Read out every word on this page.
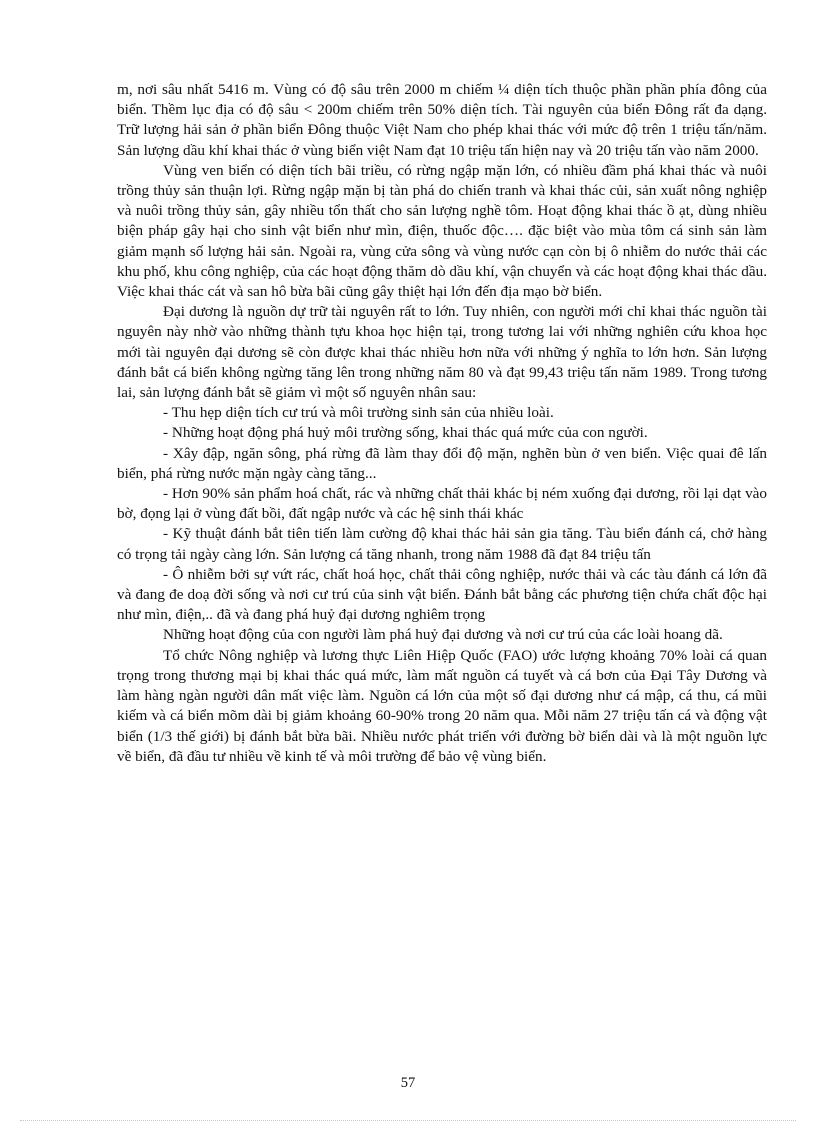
m, nơi sâu nhất 5416 m. Vùng có độ sâu trên 2000 m chiếm ¼ diện tích thuộc phần phần phía đông của biển. Thềm lục địa có độ sâu < 200m chiếm trên 50% diện tích. Tài nguyên của biển Đông rất đa dạng. Trữ lượng hải sản ở phần biển Đông thuộc Việt Nam cho phép khai thác với mức độ trên 1 triệu tấn/năm. Sản lượng dầu khí khai thác ở vùng biển việt Nam đạt 10 triệu tấn hiện nay và 20 triệu tấn vào năm 2000.

Vùng ven biển có diện tích bãi triều, có rừng ngập mặn lớn, có nhiều đầm phá khai thác và nuôi trồng thủy sản thuận lợi. Rừng ngập mặn bị tàn phá do chiến tranh và khai thác củi, sản xuất nông nghiệp và nuôi trồng thủy sản, gây nhiều tổn thất cho sản lượng nghề tôm. Hoạt động khai thác ồ ạt, dùng nhiều biện pháp gây hại cho sinh vật biển như mìn, điện, thuốc độc…. đặc biệt vào mùa tôm cá sinh sản làm giảm mạnh số lượng hải sản. Ngoài ra, vùng cửa sông và vùng nước cạn còn bị ô nhiễm do nước thải các khu phố, khu công nghiệp, của các hoạt động thăm dò dầu khí, vận chuyển và các hoạt động khai thác dầu. Việc khai thác cát và san hô bừa bãi cũng gây thiệt hại lớn đến địa mạo bờ biển.

Đại dương là nguồn dự trữ tài nguyên rất to lớn. Tuy nhiên, con người mới chỉ khai thác nguồn tài nguyên này nhờ vào những thành tựu khoa học hiện tại, trong tương lai với những nghiên cứu khoa học mới tài nguyên đại dương sẽ còn được khai thác nhiều hơn nữa với những ý nghĩa to lớn hơn. Sản lượng đánh bắt cá biển không ngừng tăng lên trong những năm 80 và đạt 99,43 triệu tấn năm 1989. Trong tương lai, sản lượng đánh bắt sẽ giảm vì một số nguyên nhân sau:

- Thu hẹp diện tích cư trú và môi trường sinh sản của nhiều loài.

- Những hoạt động phá huỷ môi trường sống, khai thác quá mức của con người.

- Xây đập, ngăn sông, phá rừng đã làm thay đổi độ mặn, nghẽn bùn ở ven biển. Việc quai đê lấn biển, phá rừng nước mặn ngày càng tăng...

- Hơn 90% sản phẩm hoá chất, rác và những chất thải khác bị ném xuống đại dương, rồi lại dạt vào bờ, đọng lại ở vùng đất bồi, đất ngập nước và các hệ sinh thái khác

- Kỹ thuật đánh bắt tiên tiến làm cường độ khai thác hải sản gia tăng. Tàu biển đánh cá, chở hàng có trọng tải ngày càng lớn. Sản lượng cá tăng nhanh, trong năm 1988 đã đạt 84 triệu tấn

- Ô nhiễm bởi sự vứt rác, chất hoá học, chất thải công nghiệp, nước thải và các tàu đánh cá lớn đã và đang đe doạ đời sống và nơi cư trú của sinh vật biển. Đánh bắt bằng các phương tiện chứa chất độc hại như mìn, điện,.. đã và đang phá huỷ đại dương nghiêm trọng

Những hoạt động của con người làm phá huỷ đại dương và nơi cư trú của các loài hoang dã.

Tổ chức Nông nghiệp và lương thực Liên Hiệp Quốc (FAO) ước lượng khoảng 70% loài cá quan trọng trong thương mại bị khai thác quá mức, làm mất nguồn cá tuyết và cá bơn của Đại Tây Dương và làm hàng ngàn người dân mất việc làm. Nguồn cá lớn của một số đại dương như cá mập, cá thu, cá mũi kiếm và cá biển mõm dài bị giảm khoảng 60-90% trong 20 năm qua. Mỗi năm 27 triệu tấn cá và động vật biển (1/3 thế giới) bị đánh bắt bừa bãi. Nhiều nước phát triển với đường bờ biển dài và là một nguồn lực về biển, đã đầu tư nhiều về kinh tế và môi trường để bảo vệ vùng biển.

57
